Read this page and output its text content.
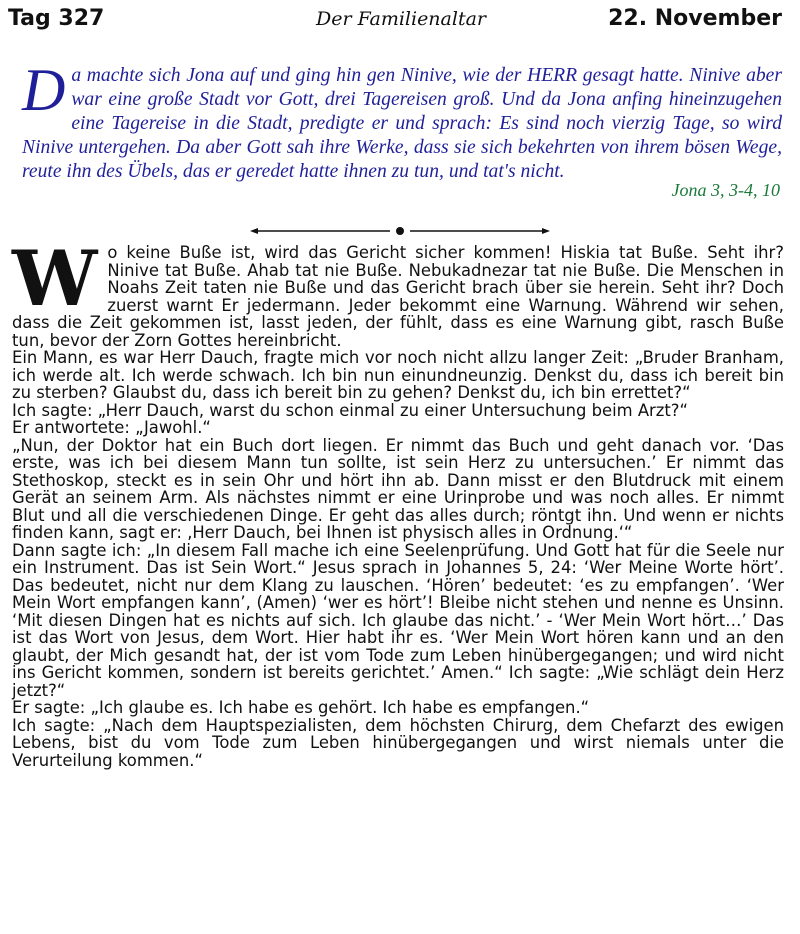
Tag 327	Der Familienaltar	22. November

Da machte sich Jona auf und ging hin gen Ninive, wie der HERR gesagt hatte. Ninive aber war eine große Stadt vor Gott, drei Tagereisen groß. Und da Jona anfing hineinzugehen eine Tagereise in die Stadt, predigte er und sprach: Es sind noch vierzig Tage, so wird Ninive untergehen. Da aber Gott sah ihre Werke, dass sie sich bekehrten von ihrem bösen Wege, reute ihn des Übels, das er geredet hatte ihnen zu tun, und tat's nicht.

Jona 3, 3-4, 10

Wo keine Buße ist, wird das Gericht sicher kommen! Hiskia tat Buße. Seht ihr? Ninive tat Buße. Ahab tat nie Buße. Nebukadnezar tat nie Buße. Die Menschen in Noahs Zeit taten nie Buße und das Gericht brach über sie herein. Seht ihr? Doch zuerst warnt Er jedermann. Jeder bekommt eine Warnung. Während wir sehen, dass die Zeit gekommen ist, lasst jeden, der fühlt, dass es eine Warnung gibt, rasch Buße tun, bevor der Zorn Gottes hereinbricht.

Ein Mann, es war Herr Dauch, fragte mich vor noch nicht allzu langer Zeit: „Bruder Branham, ich werde alt. Ich werde schwach. Ich bin nun einundneunzig. Denkst du, dass ich bereit bin zu sterben? Glaubst du, dass ich bereit bin zu gehen? Denkst du, ich bin errettet?“

Ich sagte: „Herr Dauch, warst du schon einmal zu einer Untersuchung beim Arzt?“

Er antwortete: „Jawohl.“

„Nun, der Doktor hat ein Buch dort liegen. Er nimmt das Buch und geht danach vor. ‘Das erste, was ich bei diesem Mann tun sollte, ist sein Herz zu untersuchen.’ Er nimmt das Stethoskop, steckt es in sein Ohr und hört ihn ab. Dann misst er den Blutdruck mit einem Gerät an seinem Arm. Als nächstes nimmt er eine Urinprobe und was noch alles. Er nimmt Blut und all die verschiedenen Dinge. Er geht das alles durch; röntgt ihn. Und wenn er nichts finden kann, sagt er: ‚Herr Dauch, bei Ihnen ist physisch alles in Ordnung.‘“

Dann sagte ich: „In diesem Fall mache ich eine Seelenprüfung. Und Gott hat für die Seele nur ein Instrument. Das ist Sein Wort.“ Jesus sprach in Johannes 5, 24: ‘Wer Meine Worte hört’. Das bedeutet, nicht nur dem Klang zu lauschen. ‘Hören’ bedeutet: ‘es zu empfangen’. ‘Wer Mein Wort empfangen kann’, (Amen) ‘wer es hört’! Bleibe nicht stehen und nenne es Unsinn. ‘Mit diesen Dingen hat es nichts auf sich. Ich glaube das nicht.’ - ‘Wer Mein Wort hört…’ Das ist das Wort von Jesus, dem Wort. Hier habt ihr es. ‘Wer Mein Wort hören kann und an den glaubt, der Mich gesandt hat, der ist vom Tode zum Leben hinübergegangen; und wird nicht ins Gericht kommen, sondern ist bereits gerichtet.’ Amen.“ Ich sagte: „Wie schlägt dein Herz jetzt?“

Er sagte: „Ich glaube es. Ich habe es gehört. Ich habe es empfangen.“

Ich sagte: „Nach dem Hauptspezialisten, dem höchsten Chirurg, dem Chefarzt des ewigen Lebens, bist du vom Tode zum Leben hinübergegangen und wirst niemals unter die Verurteilung kommen.“
